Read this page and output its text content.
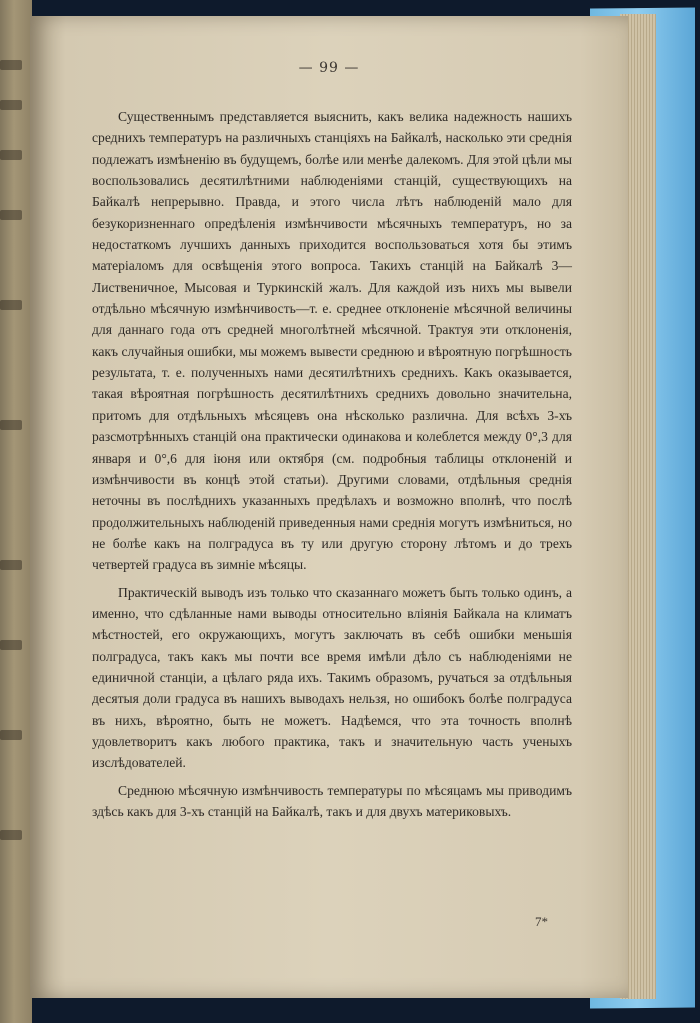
— 99 —

Существеннымъ представляется выяснить, какъ велика надежность нашихъ среднихъ температуръ на различныхъ станціяхъ на Байкалѣ, насколько эти среднія подлежатъ измѣненію въ будущемъ, болѣе или менѣе далекомъ. Для этой цѣли мы воспользовались десятилѣтними наблюденіями станцій, существующихъ на Байкалѣ непрерывно. Правда, и этого числа лѣтъ наблюденій мало для безукоризненнаго опредѣленія измѣнчивости мѣсячныхъ температуръ, но за недостаткомъ лучшихъ данныхъ приходится воспользоваться хотя бы этимъ матеріаломъ для освѣщенія этого вопроса. Такихъ станцій на Байкалѣ 3—Лиственичное, Мысовая и Туркинскій жалъ. Для каждой изъ нихъ мы вывели отдѣльно мѣсячную измѣнчивость—т. е. среднее отклоненіе мѣсячной величины для даннаго года отъ средней многолѣтней мѣсячной. Трактуя эти отклоненія, какъ случайныя ошибки, мы можемъ вывести среднюю и вѣроятную погрѣшность результата, т. е. полученныхъ нами десятилѣтнихъ среднихъ. Какъ оказывается, такая вѣроятная погрѣшность десятилѣтнихъ среднихъ довольно значительна, притомъ для отдѣльныхъ мѣсяцевъ она нѣсколько различна. Для всѣхъ 3-хъ разсмотрѣнныхъ станцій она практически одинакова и колеблется между 0°,3 для января и 0°,6 для іюня или октября (см. подробныя таблицы отклоненій и измѣнчивости въ концѣ этой статьи). Другими словами, отдѣльныя среднія неточны въ послѣднихъ указанныхъ предѣлахъ и возможно вполнѣ, что послѣ продолжительныхъ наблюденій приведенныя нами среднія могутъ измѣниться, но не болѣе какъ на полградуса въ ту или другую сторону лѣтомъ и до трехъ четвертей градуса въ зимніе мѣсяцы.

Практическій выводъ изъ только что сказаннаго можетъ быть только одинъ, а именно, что сдѣланные нами выводы относительно вліянія Байкала на климатъ мѣстностей, его окружающихъ, могутъ заключать въ себѣ ошибки меньшія полградуса, такъ какъ мы почти все время имѣли дѣло съ наблюденіями не единичной станціи, а цѣлаго ряда ихъ. Такимъ образомъ, ручаться за отдѣльныя десятыя доли градуса въ нашихъ выводахъ нельзя, но ошибокъ болѣе полградуса въ нихъ, вѣроятно, быть не можетъ. Надѣемся, что эта точность вполнѣ удовлетворитъ какъ любого практика, такъ и значительную часть ученыхъ изслѣдователей.

Среднюю мѣсячную измѣнчивость температуры по мѣсяцамъ мы приводимъ здѣсь какъ для 3-хъ станцій на Байкалѣ, такъ и для двухъ материковыхъ.

7*
